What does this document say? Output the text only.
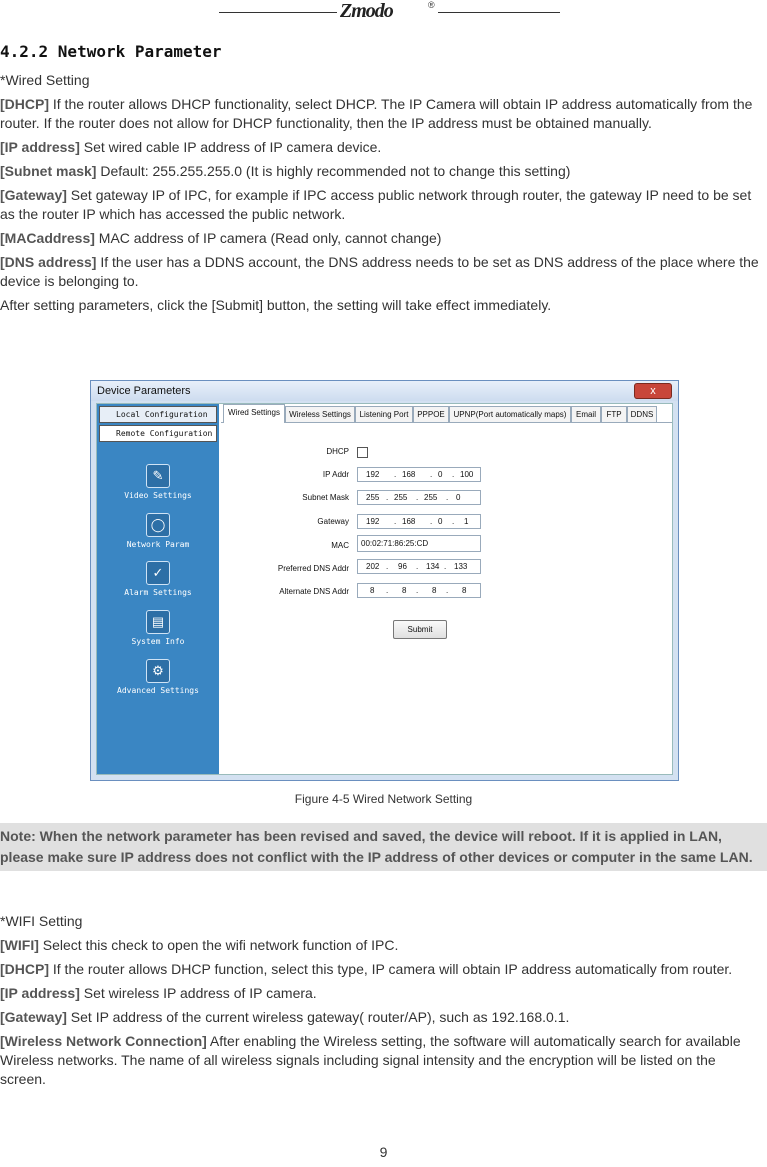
Zmodo	®
4.2.2 Network Parameter

*Wired Setting

[DHCP] If the router allows DHCP functionality, select DHCP. The IP Camera will obtain IP address automatically from the router. If the router does not allow for DHCP functionality, then the IP address must be obtained manually.

[IP address] Set wired cable IP address of IP camera device.

[Subnet mask] Default: 255.255.255.0 (It is highly recommended not to change this setting)

[Gateway] Set gateway IP of IPC, for example if IPC access public network through router, the gateway IP need to be set as the router IP which has accessed the public network.

[MACaddress] MAC address of IP camera (Read only, cannot change)

[DNS address] If the user has a DDNS account, the DNS address needs to be set as DNS address of the place where the device is belonging to.

After setting parameters, click the [Submit] button, the setting will take effect immediately.

Device Parameters	x
Local Configuration
Remote Configuration
✎
Video Settings
◯
Network Param
✓
Alarm Settings
▤
System Info
⚙
Advanced Settings
Wired Settings	Wireless Settings	Listening Port	PPPOE	UPNP(Port automatically maps)	Email	FTP	DDNS
DHCP
IP Addr 192 . 168 . 0 . 100
Subnet Mask 255 . 255 . 255 . 0
Gateway 192 . 168 . 0 . 1
MAC 00:02:71:86:25:CD
Preferred DNS Addr 202 . 96 . 134 . 133
Alternate DNS Addr	8 . 8 . 8 . 8
Submit
Figure 4-5 Wired Network Setting

Note: When the network parameter has been revised and saved, the device will reboot. If it is applied in LAN, please make sure IP address does not conflict with the IP address of other devices or computer in the same LAN.

*WIFI Setting

[WIFI] Select this check to open the wifi network function of IPC.

[DHCP] If the router allows DHCP function, select this type, IP camera will obtain IP address automatically from router.

[IP address] Set wireless IP address of IP camera.

[Gateway] Set IP address of the current wireless gateway( router/AP), such as 192.168.0.1.

[Wireless Network Connection] After enabling the Wireless setting, the software will automatically search for available Wireless networks. The name of all wireless signals including signal intensity and the encryption will be listed on the screen.

9
